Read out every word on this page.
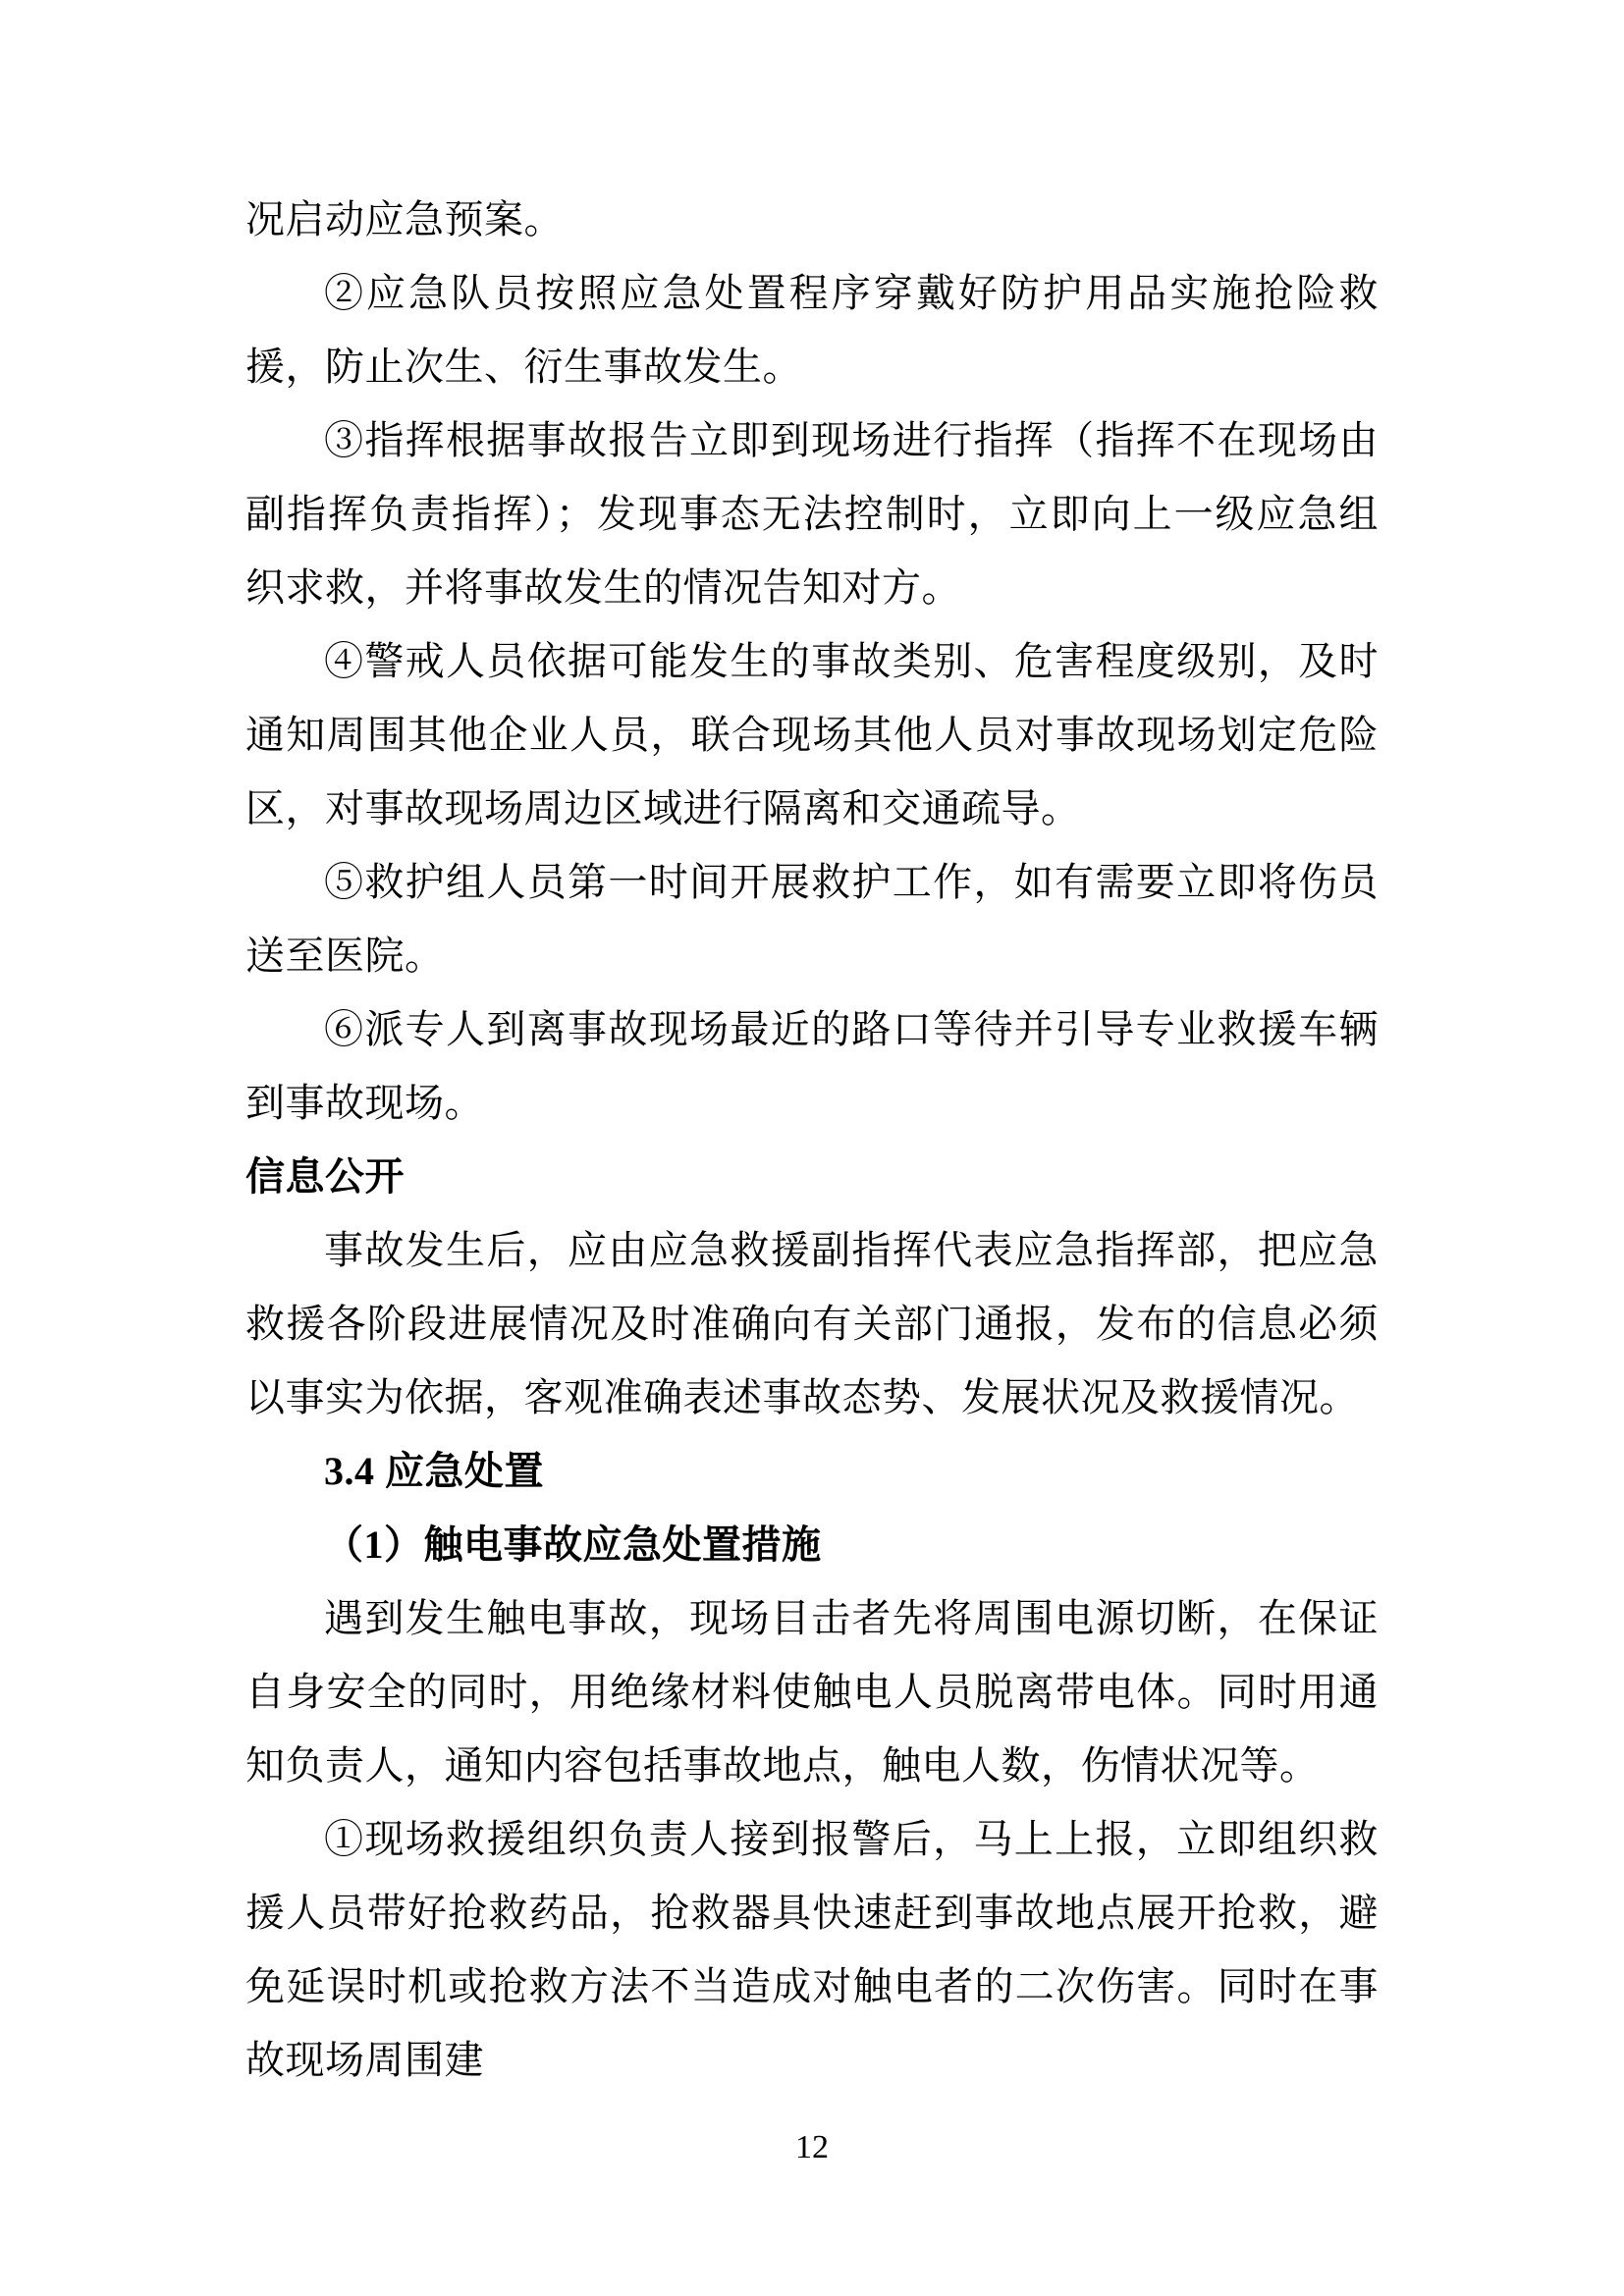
况启动应急预案。

②应急队员按照应急处置程序穿戴好防护用品实施抢险救援，防止次生、衍生事故发生。

③指挥根据事故报告立即到现场进行指挥（指挥不在现场由副指挥负责指挥）；发现事态无法控制时，立即向上一级应急组织求救，并将事故发生的情况告知对方。

④警戒人员依据可能发生的事故类别、危害程度级别，及时通知周围其他企业人员，联合现场其他人员对事故现场划定危险区，对事故现场周边区域进行隔离和交通疏导。

⑤救护组人员第一时间开展救护工作，如有需要立即将伤员送至医院。

⑥派专人到离事故现场最近的路口等待并引导专业救援车辆到事故现场。

信息公开

事故发生后，应由应急救援副指挥代表应急指挥部，把应急救援各阶段进展情况及时准确向有关部门通报，发布的信息必须以事实为依据，客观准确表述事故态势、发展状况及救援情况。

3.4 应急处置

（1）触电事故应急处置措施

遇到发生触电事故，现场目击者先将周围电源切断，在保证自身安全的同时，用绝缘材料使触电人员脱离带电体。同时用通知负责人，通知内容包括事故地点，触电人数，伤情状况等。

①现场救援组织负责人接到报警后，马上上报，立即组织救援人员带好抢救药品，抢救器具快速赶到事故地点展开抢救，避免延误时机或抢救方法不当造成对触电者的二次伤害。同时在事故现场周围建

12
